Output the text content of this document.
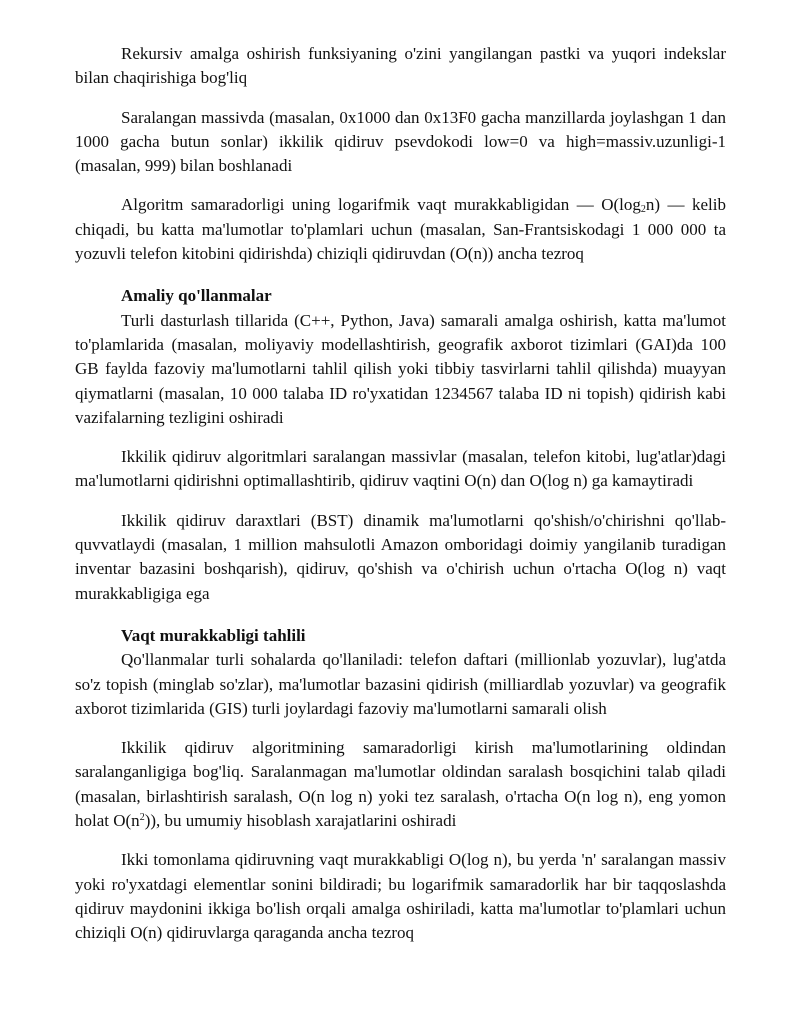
Rekursiv amalga oshirish funksiyaning o'zini yangilangan pastki va yuqori indekslar bilan chaqirishiga bog'liq

Saralangan massivda (masalan, 0x1000 dan 0x13F0 gacha manzillarda joylashgan 1 dan 1000 gacha butun sonlar) ikkilik qidiruv psevdokodi low=0 va high=massiv.uzunligi-1 (masalan, 999) bilan boshlanadi

Algoritm samaradorligi uning logarifmik vaqt murakkabligidan — $O(\log_2n)$ — kelib chiqadi, bu katta ma'lumotlar to'plamlari uchun (masalan, San-Frantsiskodagi 1 000 000 ta yozuvli telefon kitobini qidirishda) chiziqli qidiruvdan (O(n)) ancha tezroq

Amaliy qo'llanmalar

Turli dasturlash tillarida (C++, Python, Java) samarali amalga oshirish, katta ma'lumot to'plamlarida (masalan, moliyaviy modellashtirish, geografik axborot tizimlari (GAI)da 100 GB faylda fazoviy ma'lumotlarni tahlil qilish yoki tibbiy tasvirlarni tahlil qilishda) muayyan qiymatlarni (masalan, 10 000 talaba ID ro'yxatidan 1234567 talaba ID ni topish) qidirish kabi vazifalarning tezligini oshiradi

Ikkilik qidiruv algoritmlari saralangan massivlar (masalan, telefon kitobi, lug'atlar)dagi ma'lumotlarni qidirishni optimallashtirib, qidiruv vaqtini O(n) dan O(log n) ga kamaytiradi

Ikkilik qidiruv daraxtlari (BST) dinamik ma'lumotlarni qo'shish/o'chirishni qo'llab-quvvatlaydi (masalan, 1 million mahsulotli Amazon omboridagi doimiy yangilanib turadigan inventar bazasini boshqarish), qidiruv, qo'shish va o'chirish uchun o'rtacha O(log n) vaqt murakkabligiga ega

Vaqt murakkabligi tahlili

Qo'llanmalar turli sohalarda qo'llaniladi: telefon daftari (millionlab yozuvlar), lug'atda so'z topish (minglab so'zlar), ma'lumotlar bazasini qidirish (milliardlab yozuvlar) va geografik axborot tizimlarida (GIS) turli joylardagi fazoviy ma'lumotlarni samarali olish

Ikkilik qidiruv algoritmining samaradorligi kirish ma'lumotlarining oldindan saralanganligiga bog'liq. Saralanmagan ma'lumotlar oldindan saralash bosqichini talab qiladi (masalan, birlashtirish saralash, O(n log n) yoki tez saralash, o'rtacha O(n log n), eng yomon holat $O(n^2)$), bu umumiy hisoblash xarajatlarini oshiradi

Ikki tomonlama qidiruvning vaqt murakkabligi O(log n), bu yerda 'n' saralangan massiv yoki ro'yxatdagi elementlar sonini bildiradi; bu logarifmik samaradorlik har bir taqqoslashda qidiruv maydonini ikkiga bo'lish orqali amalga oshiriladi, katta ma'lumotlar to'plamlari uchun chiziqli O(n) qidiruvlarga qaraganda ancha tezroq
